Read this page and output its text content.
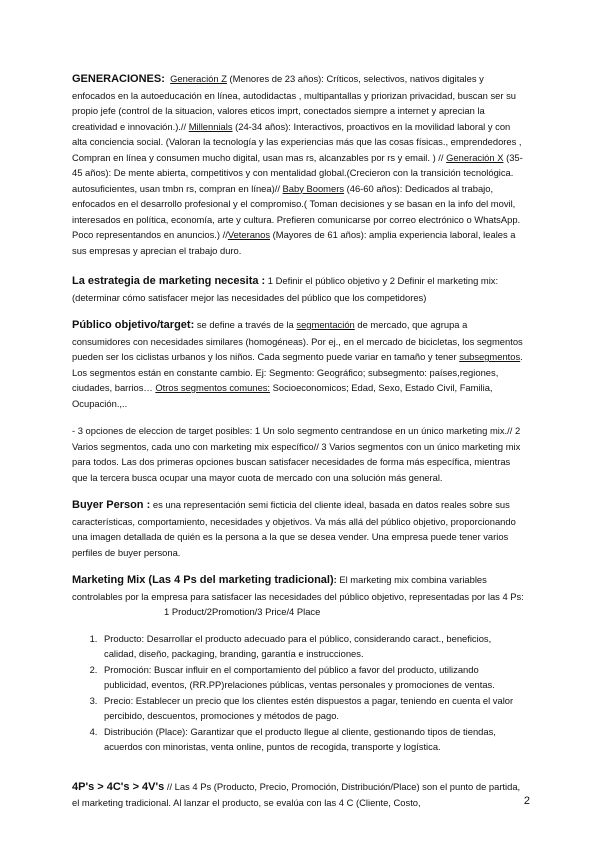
GENERACIONES: Generación Z (Menores de 23 años): Críticos, selectivos, nativos digitales y enfocados en la autoeducación en línea, autodidactas , multipantallas y priorizan privacidad, buscan ser su propio jefe (control de la situacion, valores eticos imprt, conectados siempre a internet y aprecian la creatividad e innovación.).// Millennials (24-34 años): Interactivos, proactivos en la movilidad laboral y con alta conciencia social. (Valoran la tecnología y las experiencias más que las cosas físicas., emprendedores , Compran en línea y consumen mucho digital, usan mas rs, alcanzables por rs y email. ) // Generación X (35-45 años): De mente abierta, competitivos y con mentalidad global.(Crecieron con la transición tecnológica. autosuficientes, usan tmbn rs, compran en línea)// Baby Boomers (46-60 años): Dedicados al trabajo, enfocados en el desarrollo profesional y el compromiso.( Toman decisiones y se basan en la info del movil, interesados en política, economía, arte y cultura. Prefieren comunicarse por correo electrónico o WhatsApp. Poco representandos en anuncios.) //Veteranos (Mayores de 61 años): amplia experiencia laboral, leales a sus empresas y aprecian el trabajo duro.

La estrategia de marketing necesita : 1 Definir el público objetivo y 2 Definir el marketing mix: (determinar cómo satisfacer mejor las necesidades del público que los competidores)

Público objetivo/target: se define a través de la segmentación de mercado, que agrupa a consumidores con necesidades similares (homogéneas). Por ej., en el mercado de bicicletas, los segmentos pueden ser los ciclistas urbanos y los niños. Cada segmento puede variar en tamaño y tener subsegmentos. Los segmentos están en constante cambio. Ej: Segmento: Geográfico; subsegmento: países,regiones, ciudades, barrios… Otros segmentos comunes: Socioeconomicos; Edad, Sexo, Estado Civil, Familia, Ocupación.,..

- 3 opciones de eleccion de target posibles: 1 Un solo segmento centrandose en un único marketing mix.// 2 Varios segmentos, cada uno con marketing mix específico// 3 Varios segmentos con un único marketing mix para todos. Las dos primeras opciones buscan satisfacer necesidades de forma más específica, mientras que la tercera busca ocupar una mayor cuota de mercado con una solución más general.

Buyer Person : es una representación semi ficticia del cliente ideal, basada en datos reales sobre sus características, comportamiento, necesidades y objetivos. Va más allá del público objetivo, proporcionando una imagen detallada de quién es la persona a la que se desea vender. Una empresa puede tener varios perfiles de buyer persona.

Marketing Mix (Las 4 Ps del marketing tradicional): El marketing mix combina variables controlables por la empresa para satisfacer las necesidades del público objetivo, representadas por las 4 Ps:1 Product/2Promotion/3 Price/4 Place

1. Producto: Desarrollar el producto adecuado para el público, considerando caract., beneficios, calidad, diseño, packaging, branding, garantía e instrucciones.
2. Promoción: Buscar influir en el comportamiento del público a favor del producto, utilizando publicidad, eventos, (RR.PP)relaciones públicas, ventas personales y promociones de ventas.
3. Precio: Establecer un precio que los clientes estén dispuestos a pagar, teniendo en cuenta el valor percibido, descuentos, promociones y métodos de pago.
4. Distribución (Place): Garantizar que el producto llegue al cliente, gestionando tipos de tiendas, acuerdos con minoristas, venta online, puntos de recogida, transporte y logística.

4P's > 4C's > 4V's // Las 4 Ps (Producto, Precio, Promoción, Distribución/Place) son el punto de partida, el marketing tradicional. Al lanzar el producto, se evalúa con las 4 C (Cliente, Costo,	2
